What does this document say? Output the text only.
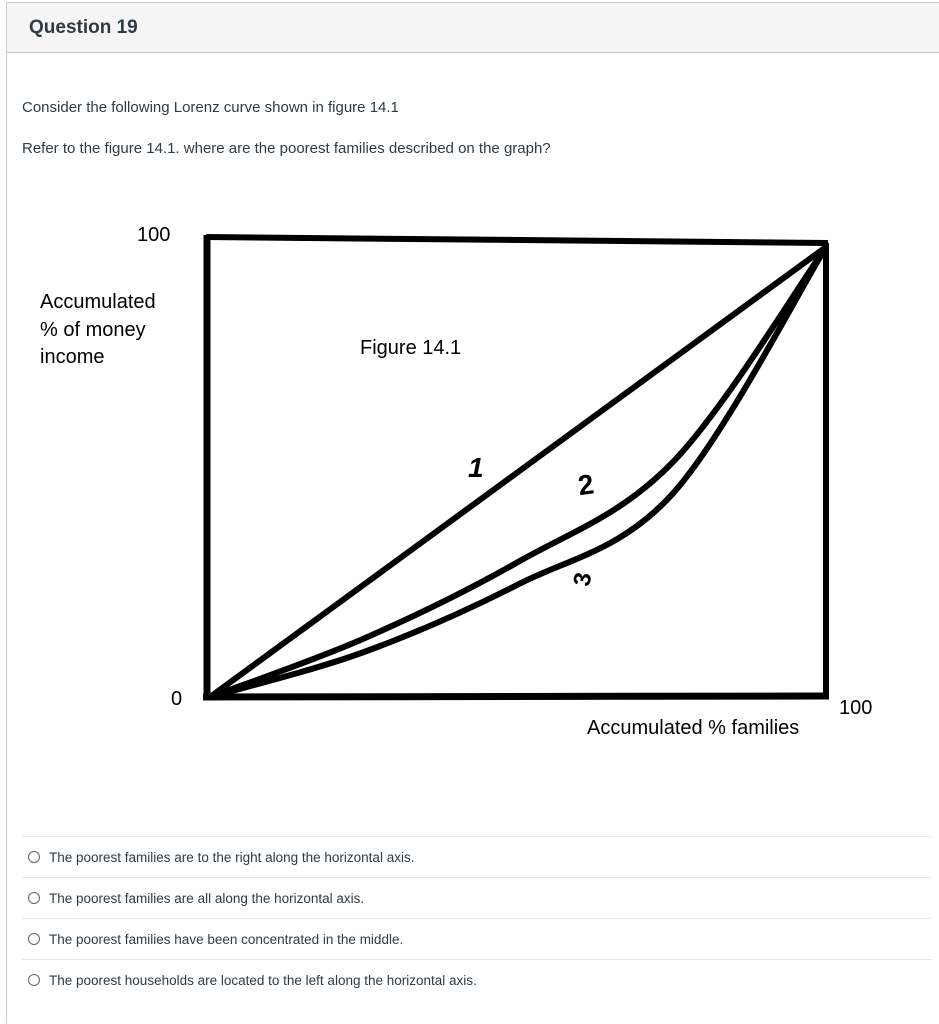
Question 19
Consider the following Lorenz curve shown in figure 14.1
Refer to the figure 14.1. where are the poorest families described on the graph?
100
Accumulated
% of money
income	Figure 14.1
1
2
3
0	100
Accumulated % families
The poorest families are to the right along the horizontal axis.
The poorest families are all along the horizontal axis.
The poorest families have been concentrated in the middle.
The poorest households are located to the left along the horizontal axis.
